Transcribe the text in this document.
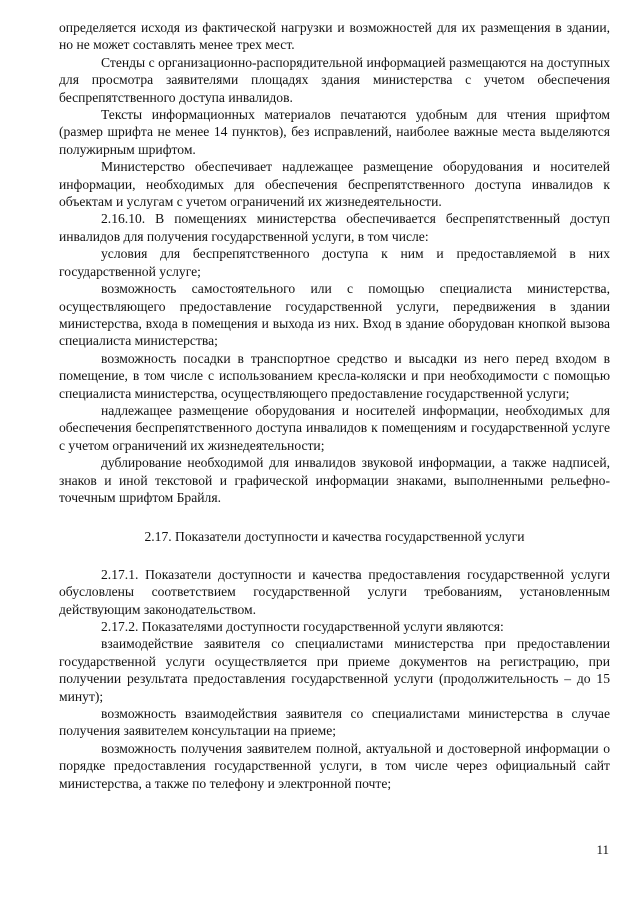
определяется исходя из фактической нагрузки и возможностей для их размещения в здании, но не может составлять менее трех мест.

Стенды с организационно-распорядительной информацией размещаются на доступных для просмотра заявителями площадях здания министерства с учетом обеспечения беспрепятственного доступа инвалидов.

Тексты информационных материалов печатаются удобным для чтения шрифтом (размер шрифта не менее 14 пунктов), без исправлений, наиболее важные места выделяются полужирным шрифтом.

Министерство обеспечивает надлежащее размещение оборудования и носителей информации, необходимых для обеспечения беспрепятственного доступа инвалидов к объектам и услугам с учетом ограничений их жизнедеятельности.

2.16.10. В помещениях министерства обеспечивается беспрепятственный доступ инвалидов для получения государственной услуги, в том числе:

условия для беспрепятственного доступа к ним и предоставляемой в них государственной услуге;

возможность самостоятельного или с помощью специалиста министерства, осуществляющего предоставление государственной услуги, передвижения в здании министерства, входа в помещения и выхода из них. Вход в здание оборудован кнопкой вызова специалиста министерства;

возможность посадки в транспортное средство и высадки из него перед входом в помещение, в том числе с использованием кресла-коляски и при необходимости с помощью специалиста министерства, осуществляющего предоставление государственной услуги;

надлежащее размещение оборудования и носителей информации, необходимых для обеспечения беспрепятственного доступа инвалидов к помещениям и государственной услуге с учетом ограничений их жизнедеятельности;

дублирование необходимой для инвалидов звуковой информации, а также надписей, знаков и иной текстовой и графической информации знаками, выполненными рельефно-точечным шрифтом Брайля.

2.17. Показатели доступности и качества государственной услуги

2.17.1. Показатели доступности и качества предоставления государственной услуги обусловлены соответствием государственной услуги требованиям, установленным действующим законодательством.

2.17.2. Показателями доступности государственной услуги являются:

взаимодействие заявителя со специалистами министерства при предоставлении государственной услуги осуществляется при приеме документов на регистрацию, при получении результата предоставления государственной услуги (продолжительность – до 15 минут);

возможность взаимодействия заявителя со специалистами министерства в случае получения заявителем консультации на приеме;

возможность получения заявителем полной, актуальной и достоверной информации о порядке предоставления государственной услуги, в том числе через официальный сайт министерства, а также по телефону и электронной почте;

11
